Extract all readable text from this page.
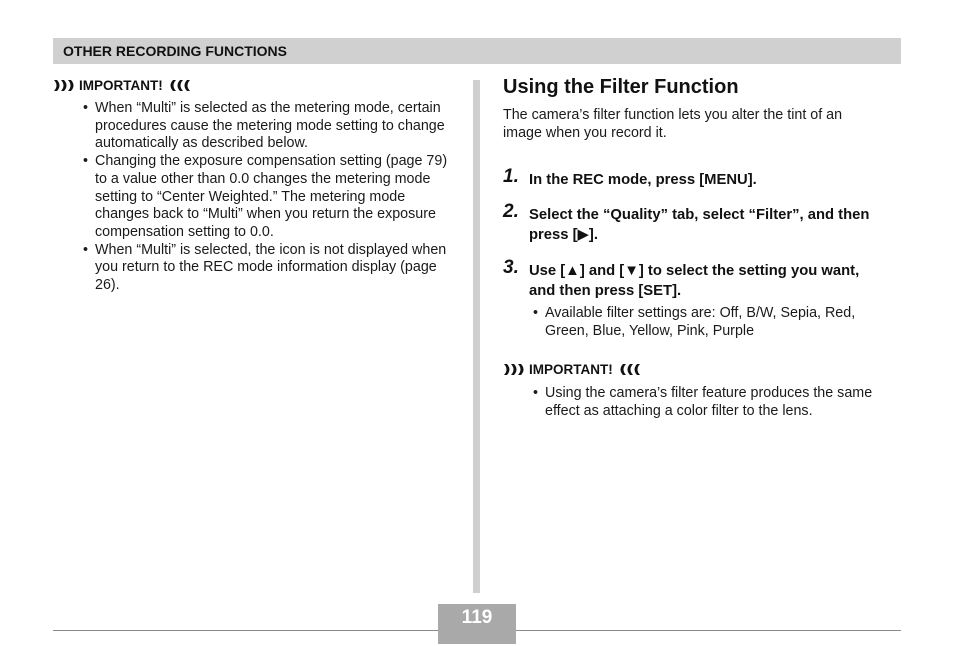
OTHER RECORDING FUNCTIONS
IMPORTANT!
• When “Multi” is selected as the metering mode, certain procedures cause the metering mode setting to change automatically as described below.
• Changing the exposure compensation setting (page 79) to a value other than 0.0 changes the metering mode setting to “Center Weighted.” The metering mode changes back to “Multi” when you return the exposure compensation setting to 0.0.
• When “Multi” is selected, the icon is not displayed when you return to the REC mode information display (page 26).
Using the Filter Function
The camera’s filter function lets you alter the tint of an image when you record it.
1. In the REC mode, press [MENU].
2. Select the “Quality” tab, select “Filter”, and then press [▶].
3. Use [▲] and [▼] to select the setting you want, and then press [SET].
• Available filter settings are: Off, B/W, Sepia, Red, Green, Blue, Yellow, Pink, Purple
IMPORTANT!
• Using the camera’s filter feature produces the same effect as attaching a color filter to the lens.
119
